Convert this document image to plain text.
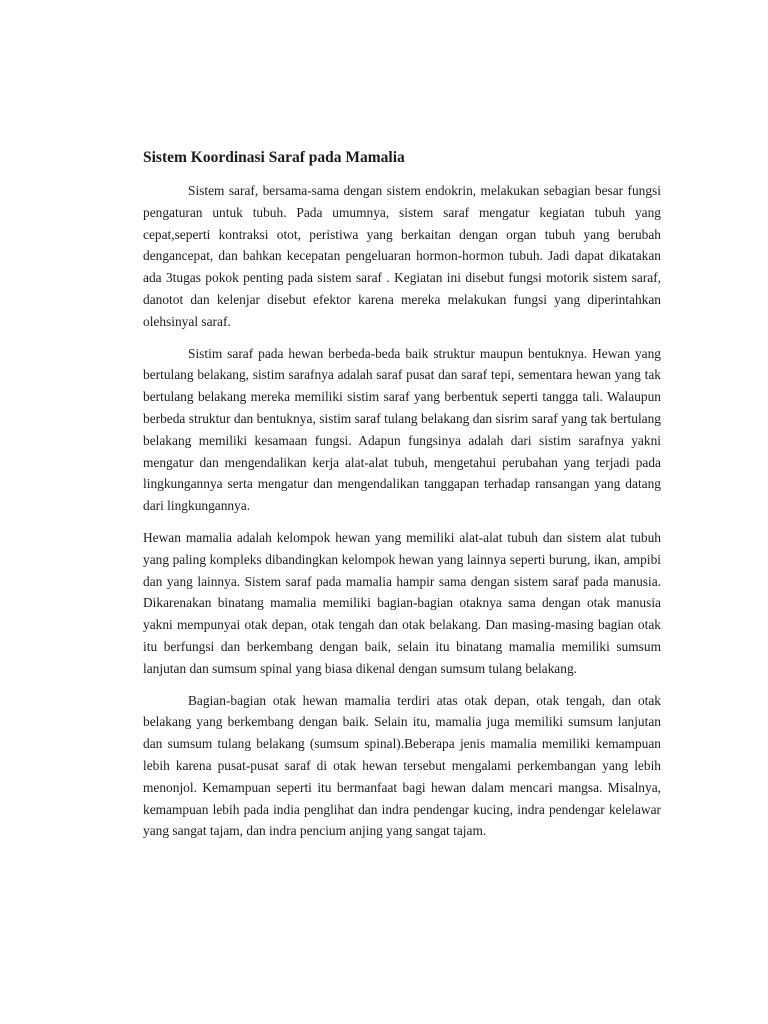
Sistem Koordinasi Saraf pada Mamalia

Sistem saraf, bersama-sama dengan sistem endokrin, melakukan sebagian besar fungsi pengaturan untuk tubuh. Pada umumnya, sistem saraf mengatur kegiatan tubuh yang cepat,seperti kontraksi otot, peristiwa yang berkaitan dengan organ tubuh yang berubah dengancepat, dan bahkan kecepatan pengeluaran hormon-hormon tubuh. Jadi dapat dikatakan ada 3tugas pokok penting pada sistem saraf . Kegiatan ini disebut fungsi motorik sistem saraf, danotot dan kelenjar disebut efektor karena mereka melakukan fungsi yang diperintahkan olehsinyal saraf.

Sistim saraf pada hewan berbeda-beda baik struktur maupun bentuknya. Hewan yang bertulang belakang, sistim sarafnya adalah saraf pusat dan saraf tepi, sementara hewan yang tak bertulang belakang mereka memiliki sistim saraf yang berbentuk seperti tangga tali. Walaupun berbeda struktur dan bentuknya, sistim saraf tulang belakang dan sisrim saraf yang tak bertulang belakang memiliki kesamaan fungsi. Adapun fungsinya adalah dari sistim sarafnya yakni mengatur dan mengendalikan kerja alat-alat tubuh, mengetahui perubahan yang terjadi pada lingkungannya serta mengatur dan mengendalikan tanggapan terhadap ransangan yang datang dari lingkungannya.

Hewan mamalia adalah kelompok hewan yang memiliki alat-alat tubuh dan sistem alat tubuh yang paling kompleks dibandingkan kelompok hewan yang lainnya seperti burung, ikan, ampibi dan yang lainnya. Sistem saraf pada mamalia hampir sama dengan sistem saraf pada manusia. Dikarenakan binatang mamalia memiliki bagian-bagian otaknya sama dengan otak manusia yakni mempunyai otak depan, otak tengah dan otak belakang. Dan masing-masing bagian otak itu berfungsi dan berkembang dengan baik, selain itu binatang mamalia memiliki sumsum lanjutan dan sumsum spinal yang biasa dikenal dengan sumsum tulang belakang.

Bagian-bagian otak hewan mamalia terdiri atas otak depan, otak tengah, dan otak belakang yang berkembang dengan baik. Selain itu, mamalia juga memiliki sumsum lanjutan dan sumsum tulang belakang (sumsum spinal).Beberapa jenis mamalia memiliki kemampuan lebih karena pusat-pusat saraf di otak hewan tersebut mengalami perkembangan yang lebih menonjol. Kemampuan seperti itu bermanfaat bagi hewan dalam mencari mangsa. Misalnya, kemampuan lebih pada india penglihat dan indra pendengar kucing, indra pendengar kelelawar yang sangat tajam, dan indra pencium anjing yang sangat tajam.
